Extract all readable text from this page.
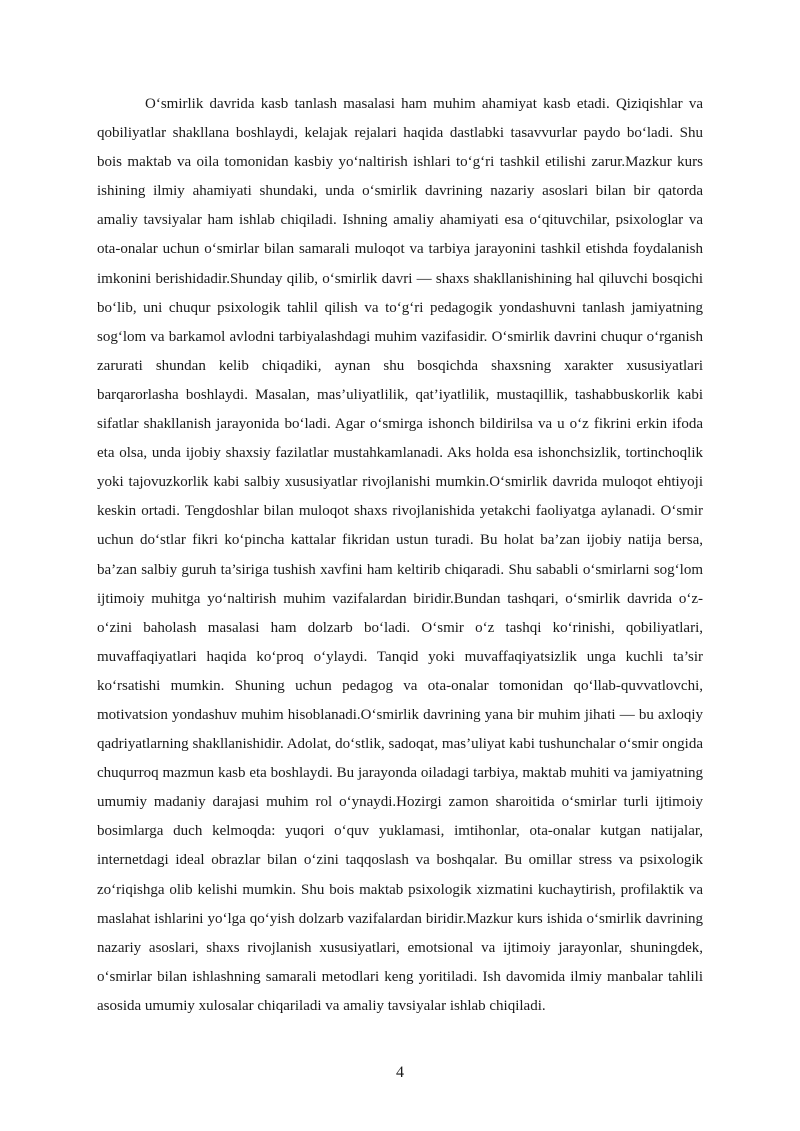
O‘smirlik davrida kasb tanlash masalasi ham muhim ahamiyat kasb etadi. Qiziqishlar va qobiliyatlar shakllana boshlaydi, kelajak rejalari haqida dastlabki tasavvurlar paydo bo‘ladi. Shu bois maktab va oila tomonidan kasbiy yo‘naltirish ishlari to‘g‘ri tashkil etilishi zarur.Mazkur kurs ishining ilmiy ahamiyati shundaki, unda o‘smirlik davrining nazariy asoslari bilan bir qatorda amaliy tavsiyalar ham ishlab chiqiladi. Ishning amaliy ahamiyati esa o‘qituvchilar, psixologlar va ota-onalar uchun o‘smirlar bilan samarali muloqot va tarbiya jarayonini tashkil etishda foydalanish imkonini berishidadir.Shunday qilib, o‘smirlik davri — shaxs shakllanishining hal qiluvchi bosqichi bo‘lib, uni chuqur psixologik tahlil qilish va to‘g‘ri pedagogik yondashuvni tanlash jamiyatning sog‘lom va barkamol avlodni tarbiyalashdagi muhim vazifasidir. O‘smirlik davrini chuqur o‘rganish zarurati shundan kelib chiqadiki, aynan shu bosqichda shaxsning xarakter xususiyatlari barqarorlasha boshlaydi. Masalan, mas’uliyatlilik, qat’iyatlilik, mustaqillik, tashabbuskorlik kabi sifatlar shakllanish jarayonida bo‘ladi. Agar o‘smirga ishonch bildirilsa va u o‘z fikrini erkin ifoda eta olsa, unda ijobiy shaxsiy fazilatlar mustahkamlanadi. Aks holda esa ishonchsizlik, tortinchoqlik yoki tajovuzkorlik kabi salbiy xususiyatlar rivojlanishi mumkin.O‘smirlik davrida muloqot ehtiyoji keskin ortadi. Tengdoshlar bilan muloqot shaxs rivojlanishida yetakchi faoliyatga aylanadi. O‘smir uchun do‘stlar fikri ko‘pincha kattalar fikridan ustun turadi. Bu holat ba’zan ijobiy natija bersa, ba’zan salbiy guruh ta’siriga tushish xavfini ham keltirib chiqaradi. Shu sababli o‘smirlarni sog‘lom ijtimoiy muhitga yo‘naltirish muhim vazifalardan biridir.Bundan tashqari, o‘smirlik davrida o‘z-o‘zini baholash masalasi ham dolzarb bo‘ladi. O‘smir o‘z tashqi ko‘rinishi, qobiliyatlari, muvaffaqiyatlari haqida ko‘proq o‘ylaydi. Tanqid yoki muvaffaqiyatsizlik unga kuchli ta’sir ko‘rsatishi mumkin. Shuning uchun pedagog va ota-onalar tomonidan qo‘llab-quvvatlovchi, motivatsion yondashuv muhim hisoblanadi.O‘smirlik davrining yana bir muhim jihati — bu axloqiy qadriyatlarning shakllanishidir. Adolat, do‘stlik, sadoqat, mas’uliyat kabi tushunchalar o‘smir ongida chuqurroq mazmun kasb eta boshlaydi. Bu jarayonda oiladagi tarbiya, maktab muhiti va jamiyatning umumiy madaniy darajasi muhim rol o‘ynaydi.Hozirgi zamon sharoitida o‘smirlar turli ijtimoiy bosimlarga duch kelmoqda: yuqori o‘quv yuklamasi, imtihonlar, ota-onalar kutgan natijalar, internetdagi ideal obrazlar bilan o‘zini taqqoslash va boshqalar. Bu omillar stress va psixologik zo‘riqishga olib kelishi mumkin. Shu bois maktab psixologik xizmatini kuchaytirish, profilaktik va maslahat ishlarini yo‘lga qo‘yish dolzarb vazifalardan biridir.Mazkur kurs ishida o‘smirlik davrining nazariy asoslari, shaxs rivojlanish xususiyatlari, emotsional va ijtimoiy jarayonlar, shuningdek, o‘smirlar bilan ishlashning samarali metodlari keng yoritiladi. Ish davomida ilmiy manbalar tahlili asosida umumiy xulosalar chiqariladi va amaliy tavsiyalar ishlab chiqiladi.

4
